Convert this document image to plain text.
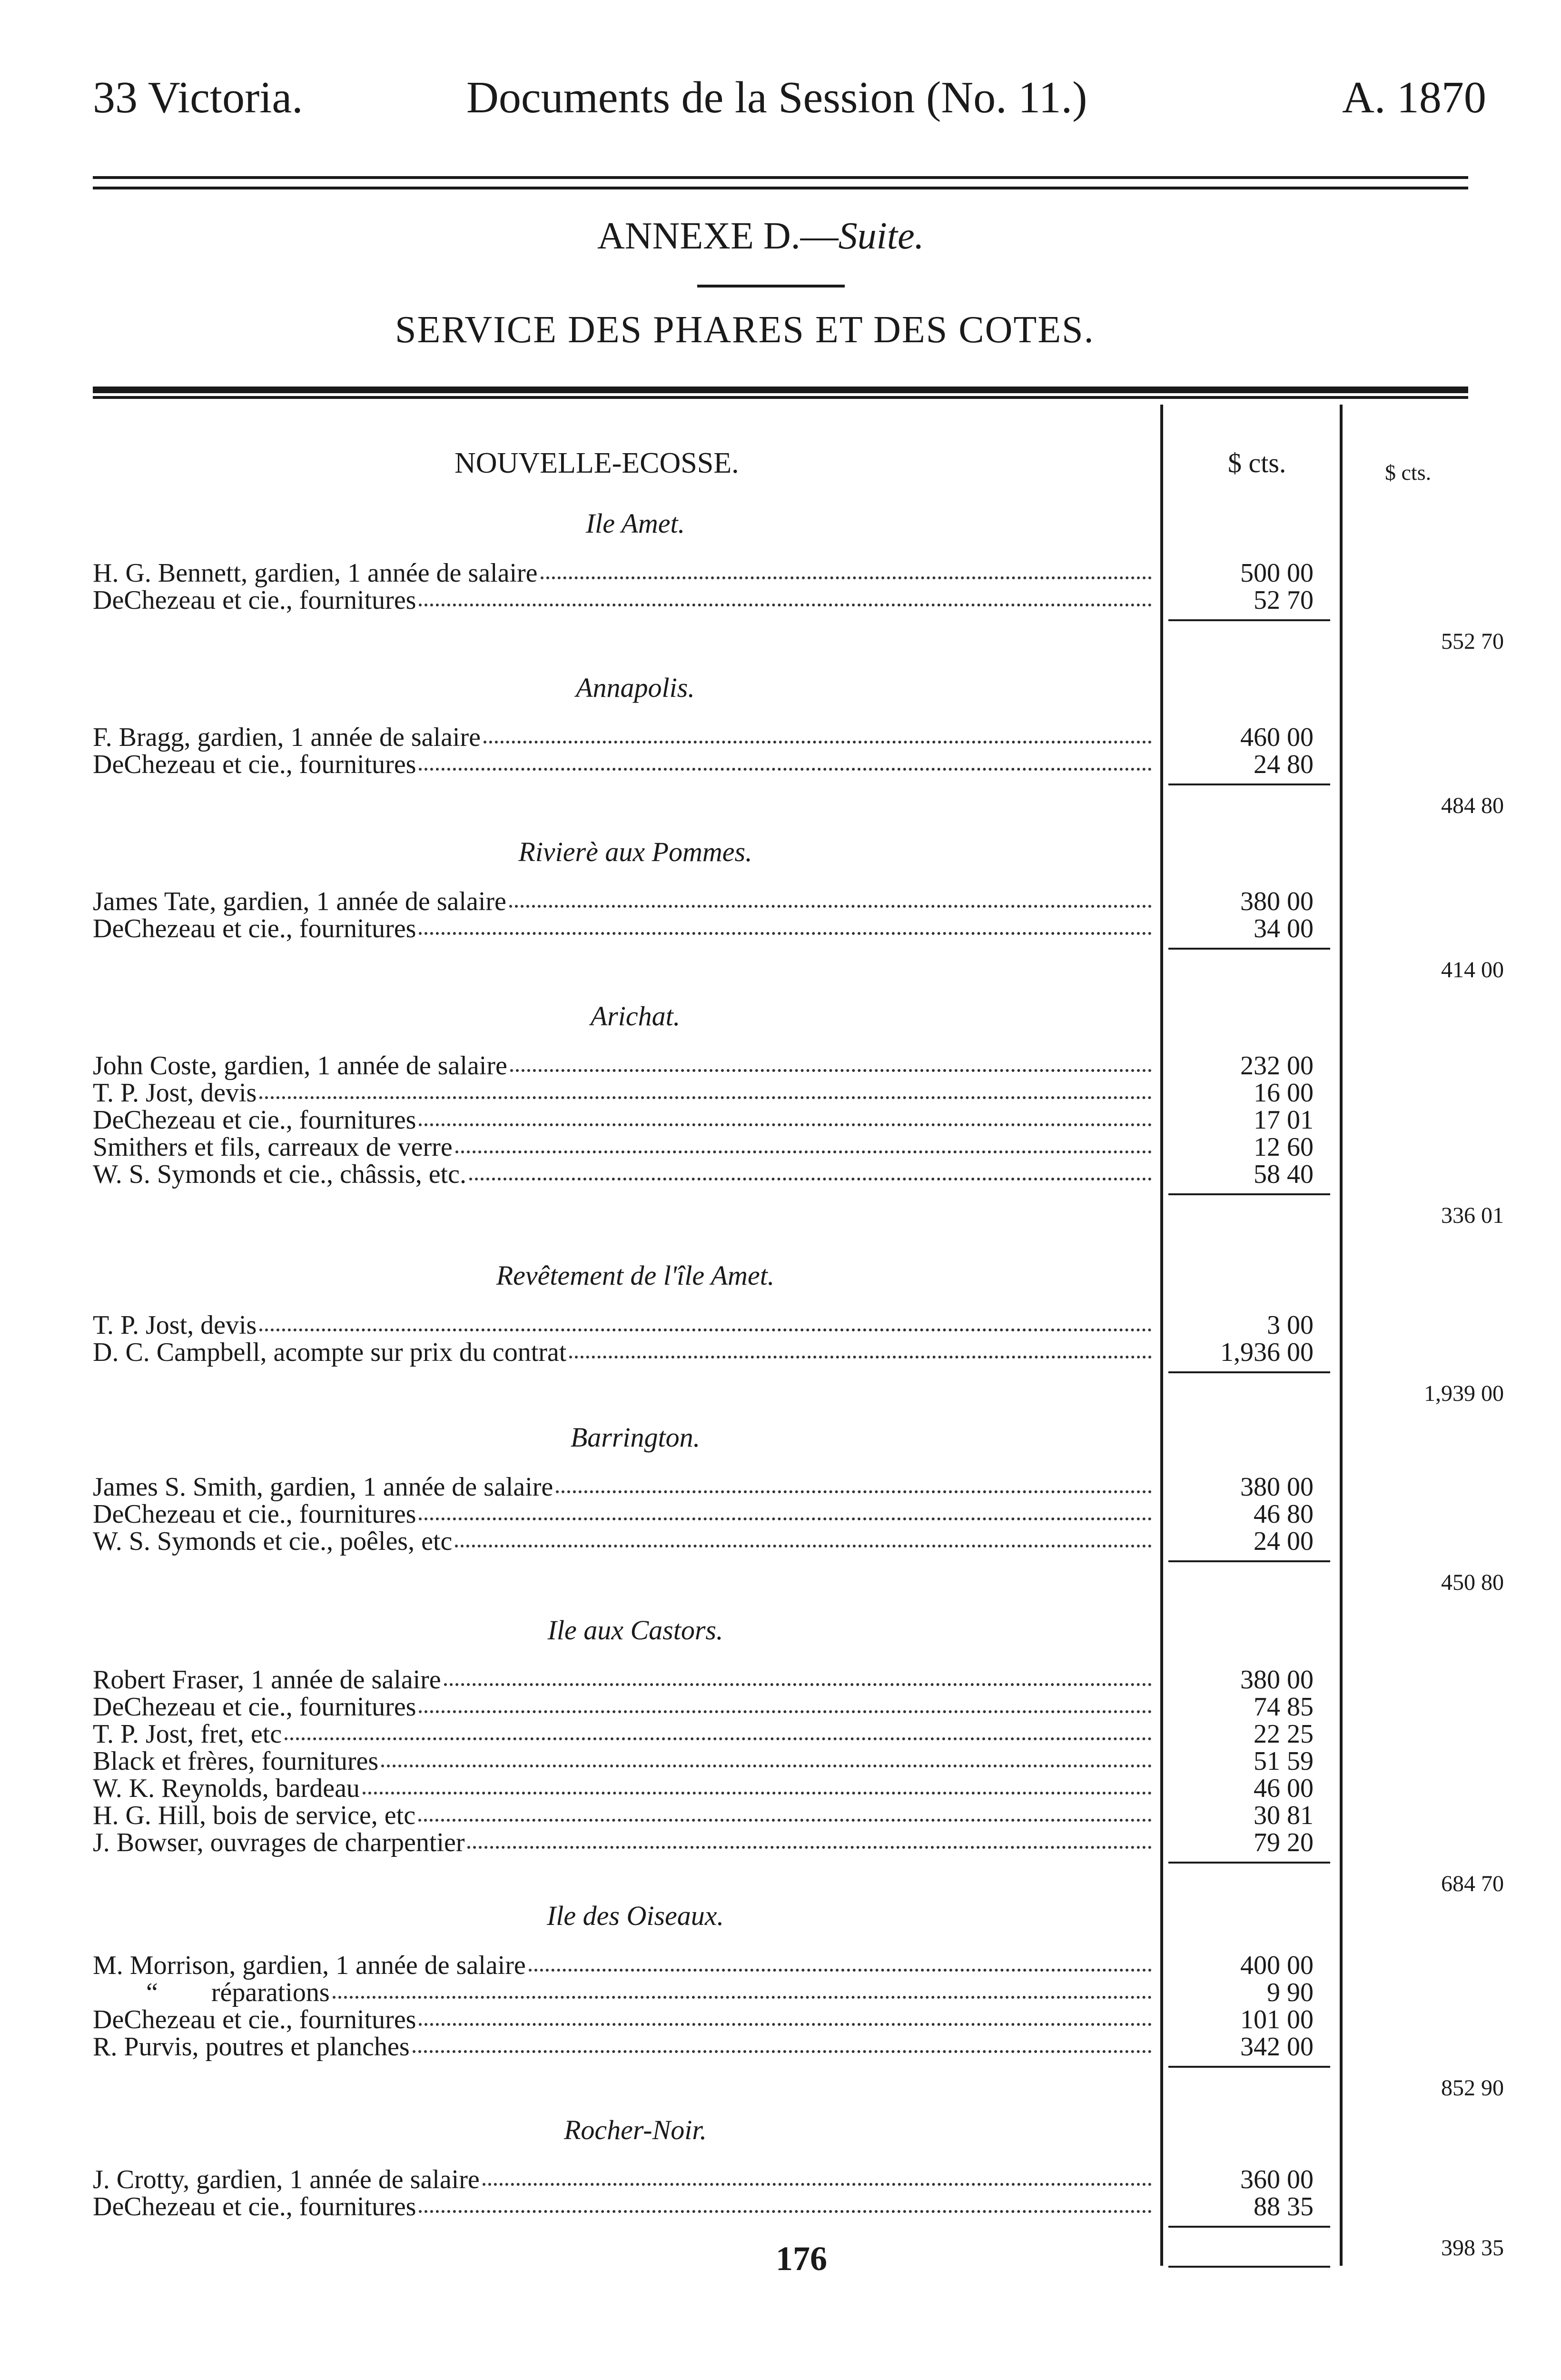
33 Victoria.	Documents de la Session (No. 11.)	A. 1870
ANNEXE D.—Suite.
SERVICE DES PHARES ET DES COTES.
NOUVELLE-ECOSSE.	$ cts.	$ cts.
Ile Amet.
H. G. Bennett, gardien, 1 année de salaire	500 00
DeChezeau et cie., fournitures	52 70
552 70
Annapolis.
F. Bragg, gardien, 1 année de salaire	460 00
DeChezeau et cie., fournitures	24 80
484 80
Rivierè aux Pommes.
James Tate, gardien, 1 année de salaire	380 00
DeChezeau et cie., fournitures	34 00
414 00
Arichat.
John Coste, gardien, 1 année de salaire	232 00
T. P. Jost, devis	16 00
DeChezeau et cie., fournitures	17 01
Smithers et fils, carreaux de verre	12 60
W. S. Symonds et cie., châssis, etc.	58 40
336 01
Revêtement de l'île Amet.
T. P. Jost, devis	3 00
D. C. Campbell, acompte sur prix du contrat	1,936 00
1,939 00
Barrington.
James S. Smith, gardien, 1 année de salaire	380 00
DeChezeau et cie., fournitures	46 80
W. S. Symonds et cie., poêles, etc	24 00
450 80
Ile aux Castors.
Robert Fraser, 1 année de salaire	380 00
DeChezeau et cie., fournitures	74 85
T. P. Jost, fret, etc	22 25
Black et frères, fournitures	51 59
W. K. Reynolds, bardeau	46 00
H. G. Hill, bois de service, etc	30 81
J. Bowser, ouvrages de charpentier	79 20
684 70
Ile des Oiseaux.
M. Morrison, gardien, 1 année de salaire	400 00
“        réparations	9 90
DeChezeau et cie., fournitures	101 00
R. Purvis, poutres et planches	342 00
852 90
Rocher-Noir.
J. Crotty, gardien, 1 année de salaire	360 00
DeChezeau et cie., fournitures	88 35
398 35
176
